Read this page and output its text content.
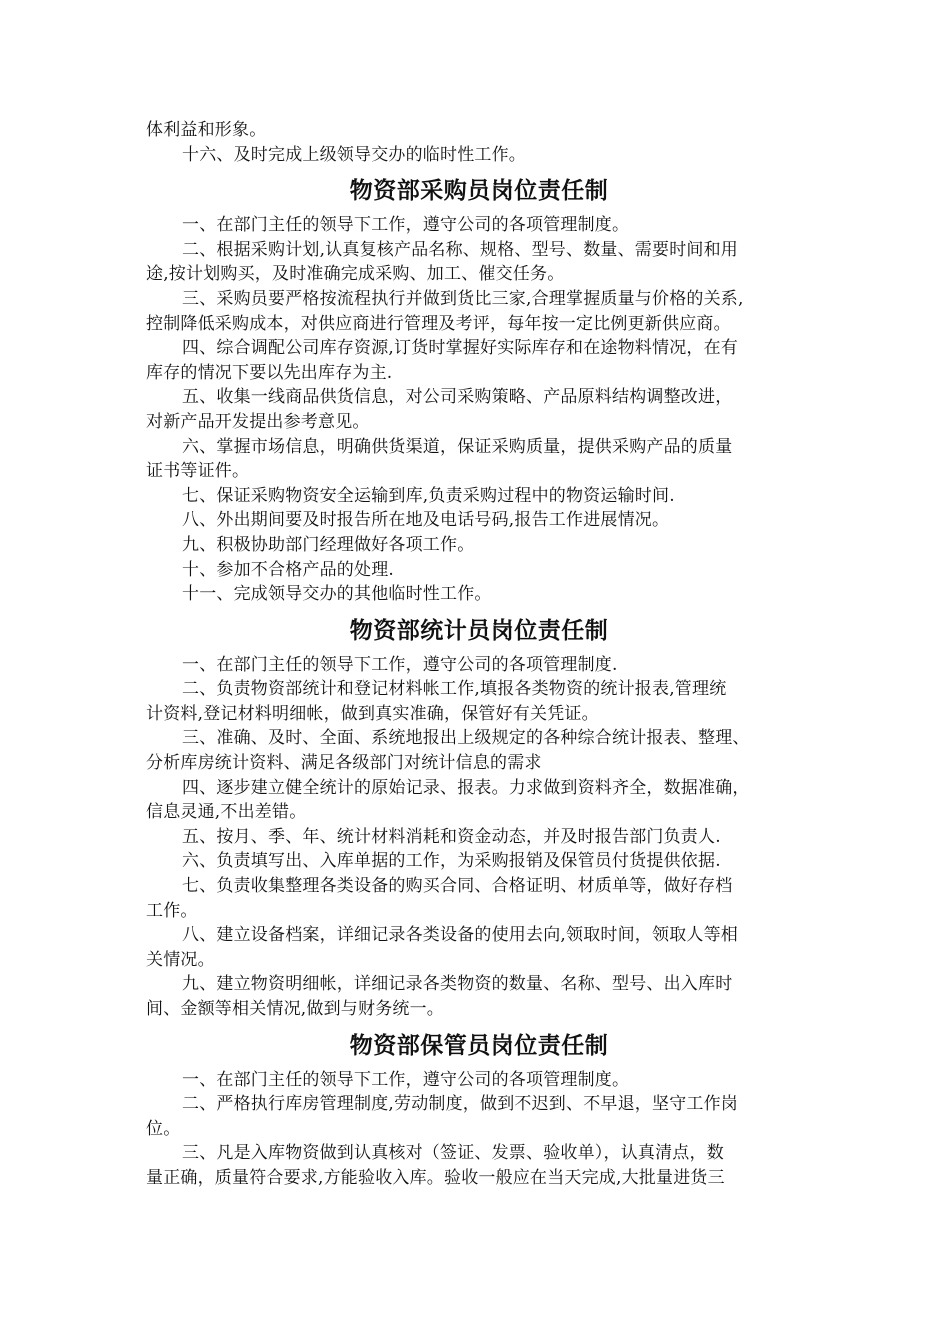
体利益和形象。
十六、及时完成上级领导交办的临时性工作。
物资部采购员岗位责任制
一、在部门主任的领导下工作，遵守公司的各项管理制度。
二、根据采购计划,认真复核产品名称、规格、型号、数量、需要时间和用
途,按计划购买，及时准确完成采购、加工、催交任务。
三、采购员要严格按流程执行并做到货比三家,合理掌握质量与价格的关系,
控制降低采购成本，对供应商进行管理及考评，每年按一定比例更新供应商。
四、综合调配公司库存资源,订货时掌握好实际库存和在途物料情况，在有
库存的情况下要以先出库存为主.
五、收集一线商品供货信息，对公司采购策略、产品原料结构调整改进，
对新产品开发提出参考意见。
六、掌握市场信息，明确供货渠道，保证采购质量，提供采购产品的质量
证书等证件。
七、保证采购物资安全运输到库,负责采购过程中的物资运输时间.
八、外出期间要及时报告所在地及电话号码,报告工作进展情况。
九、积极协助部门经理做好各项工作。
十、参加不合格产品的处理.
十一、完成领导交办的其他临时性工作。
物资部统计员岗位责任制
一、在部门主任的领导下工作，遵守公司的各项管理制度.
二、负责物资部统计和登记材料帐工作,填报各类物资的统计报表,管理统
计资料,登记材料明细帐，做到真实准确，保管好有关凭证。
三、准确、及时、全面、系统地报出上级规定的各种综合统计报表、整理、
分析库房统计资料、满足各级部门对统计信息的需求
四、逐步建立健全统计的原始记录、报表。力求做到资料齐全，数据准确，
信息灵通,不出差错。
五、按月、季、年、统计材料消耗和资金动态，并及时报告部门负责人.
六、负责填写出、入库单据的工作，为采购报销及保管员付货提供依据.
七、负责收集整理各类设备的购买合同、合格证明、材质单等，做好存档
工作。
八、建立设备档案，详细记录各类设备的使用去向,领取时间，领取人等相
关情况。
九、建立物资明细帐，详细记录各类物资的数量、名称、型号、出入库时
间、金额等相关情况,做到与财务统一。
物资部保管员岗位责任制
一、在部门主任的领导下工作，遵守公司的各项管理制度。
二、严格执行库房管理制度,劳动制度，做到不迟到、不早退，坚守工作岗
位。
三、凡是入库物资做到认真核对（签证、发票、验收单），认真清点，数
量正确，质量符合要求,方能验收入库。验收一般应在当天完成,大批量进货三
